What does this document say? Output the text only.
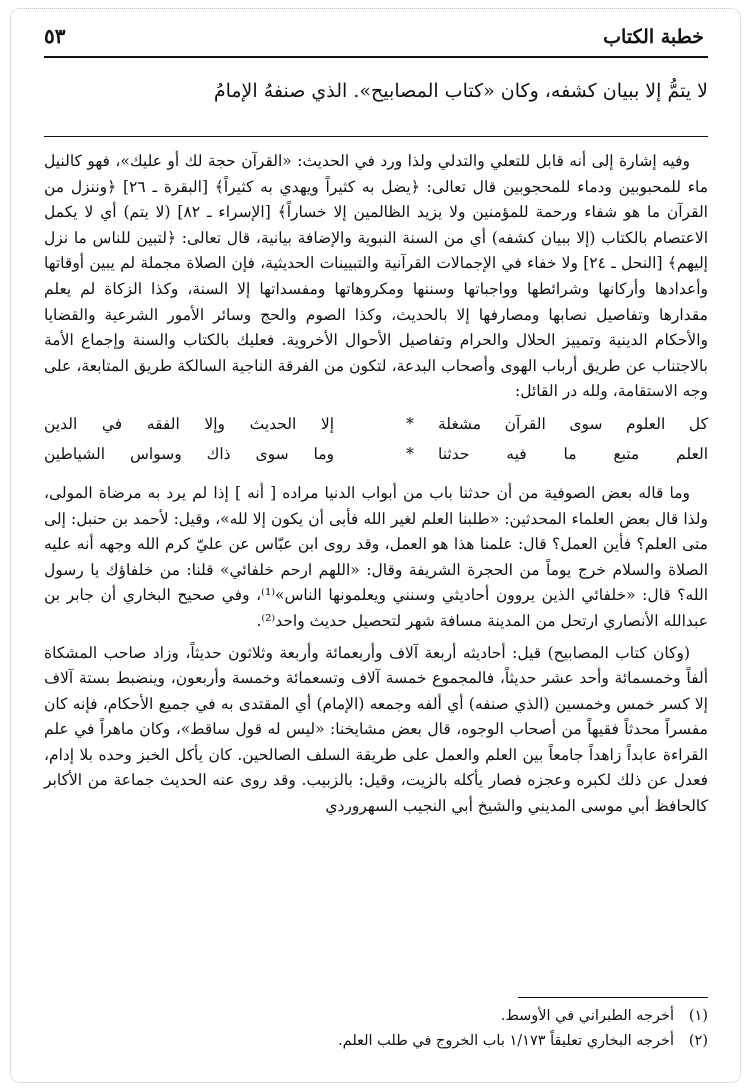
خطبة الكتاب
٥٣

لا يتمُّ إلا ببيان كشفه، وكان «كتاب المصابيح». الذي صنفهُ الإمامُ

وفيه إشارة إلى أنه قابل للتعلي والتدلي ولذا ورد في الحديث: «القرآن حجة لك أو عليك»، فهو كالنيل ماء للمحبوبين ودماء للمحجوبين قال تعالى: ﴿يضل به كثيراً ويهدي به كثيراً﴾ [البقرة ـ ٢٦] ﴿وننزل من القرآن ما هو شفاء ورحمة للمؤمنين ولا يزيد الظالمين إلا خساراً﴾ [الإسراء ـ ٨٢] (لا يتم) أي لا يكمل الاعتصام بالكتاب (إلا ببيان كشفه) أي من السنة النبوية والإضافة بيانية، قال تعالى: ﴿لتبين للناس ما نزل إليهم﴾ [النحل ـ ٢٤] ولا خفاء في الإجمالات القرآنية والتبيينات الحديثية، فإن الصلاة مجملة لم يبين أوقاتها وأعدادها وأركانها وشرائطها وواجباتها وسننها ومكروهاتها ومفسداتها إلا السنة، وكذا الزكاة لم يعلم مقدارها وتفاصيل نصابها ومصارفها إلا بالحديث، وكذا الصوم والحج وسائر الأمور الشرعية والقضايا والأحكام الدينية وتمييز الحلال والحرام وتفاصيل الأحوال الأخروية. فعليك بالكتاب والسنة وإجماع الأمة بالاجتناب عن طريق أرباب الهوى وأصحاب البدعة، لتكون من الفرقة الناجية السالكة طريق المتابعة، على وجه الاستقامة، ولله در القائل:

كل العلوم سوى القرآن مشغلة
*
إلا الحديث وإلا الفقه في الدين
العلم متبع ما فيه حدثنا
*
وما سوى ذاك وسواس الشياطين

وما قاله بعض الصوفية من أن حدثنا باب من أبواب الدنيا مراده [ أنه ] إذا لم يرد به مرضاة المولى، ولذا قال بعض العلماء المحدثين: «طلبنا العلم لغير الله فأبى أن يكون إلا لله»، وقيل: لأحمد بن حنبل: إلى متى العلم؟ فأين العمل؟ قال: علمنا هذا هو العمل، وقد روى ابن عبّاس عن عليّ كرم الله وجهه أنه عليه الصلاة والسلام خرج يوماً من الحجرة الشريفة وقال: «اللهم ارحم خلفائي» قلنا: من خلفاؤك يا رسول الله؟ قال: «خلفائي الذين يروون أحاديثي وسنني ويعلمونها الناس»⁽¹⁾، وفي صحيح البخاري أن جابر بن عبدالله الأنصاري ارتحل من المدينة مسافة شهر لتحصيل حديث واحد⁽²⁾.

(وكان كتاب المصابيح) قيل: أحاديثه أربعة آلاف وأربعمائة وأربعة وثلاثون حديثاً، وزاد صاحب المشكاة ألفاً وخمسمائة وأحد عشر حديثاً، فالمجموع خمسة آلاف وتسعمائة وخمسة وأربعون، وينضبط بستة آلاف إلا كسر خمس وخمسين (الذي صنفه) أي ألفه وجمعه (الإمام) أي المقتدى به في جميع الأحكام، فإنه كان مفسراً محدثاً فقيهاً من أصحاب الوجوه، قال بعض مشايخنا: «ليس له قول ساقط»، وكان ماهراً في علم القراءة عابداً زاهداً جامعاً بين العلم والعمل على طريقة السلف الصالحين. كان يأكل الخبز وحده بلا إدام، فعدل عن ذلك لكبره وعجزه فصار يأكله بالزيت، وقيل: بالزبيب. وقد روى عنه الحديث جماعة من الأكابر كالحافظ أبي موسى المديني والشيخ أبي النجيب السهروردي

(١)
أخرجه الطبراني في الأوسط.
(٢)
أخرجه البخاري تعليقاً ١/١٧٣ باب الخروج في طلب العلم.
